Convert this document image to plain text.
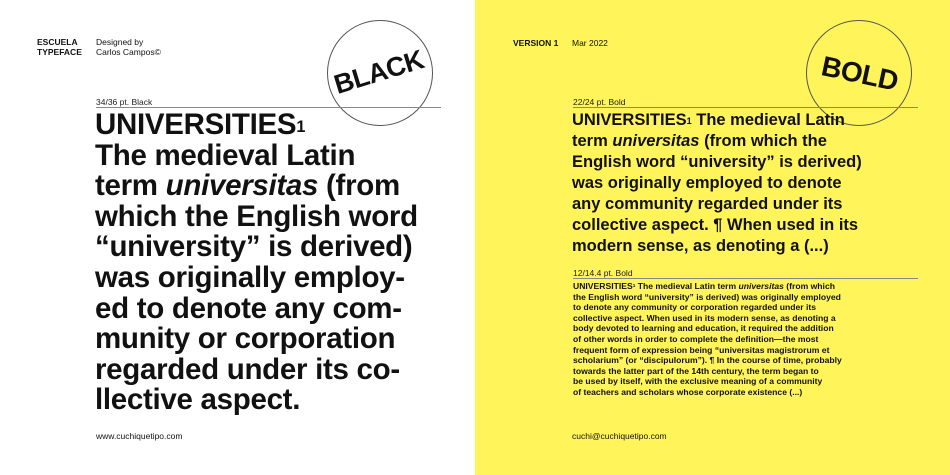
ESCUELA
TYPEFACE
Designed by
Carlos Campos©	BLACK
34/36 pt. Black
UNIVERSITIES$^1$
The medieval Latin
term universitas (from
which the English word
“university” is derived)
was originally employ-
ed to denote any com-
munity or corporation
regarded under its co-
llective aspect.
www.cuchiquetipo.com
VERSION 1 Mar 2022
BOLD
22/24 pt. Bold
UNIVERSITIES$^1$ The medieval Latin
term universitas (from which the
English word “university” is derived)
was originally employed to denote
any community regarded under its
collective aspect. ¶ When used in its
modern sense, as denoting a (...)
12/14.4 pt. Bold
UNIVERSITIES$^1$ The medieval Latin term universitas (from which
the English word “university” is derived) was originally employed
to denote any community or corporation regarded under its
collective aspect. When used in its modern sense, as denoting a
body devoted to learning and education, it required the addition
of other words in order to complete the definition—the most
frequent form of expression being “universitas magistrorum et
scholarium” (or “discipulorum”). ¶ In the course of time, probably
towards the latter part of the 14th century, the term began to
be used by itself, with the exclusive meaning of a community
of teachers and scholars whose corporate existence (...)
cuchi@cuchiquetipo.com
